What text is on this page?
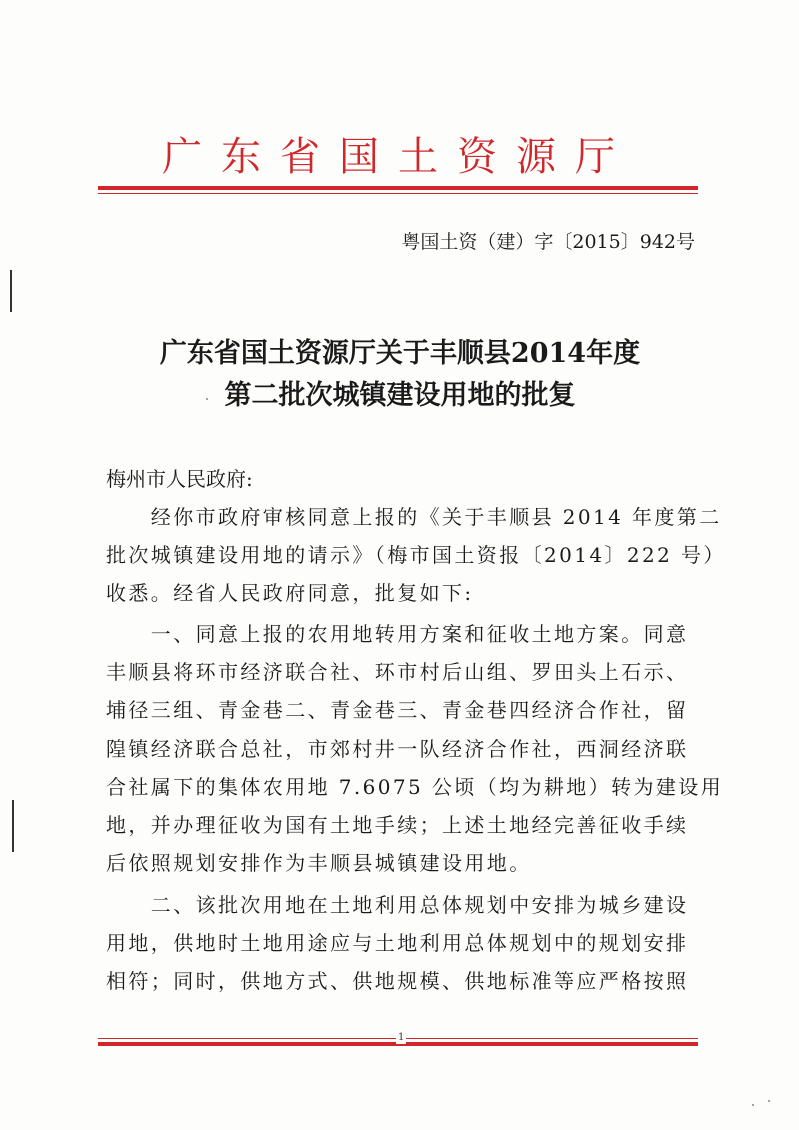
广东省国土资源厅
粤国土资（建）字〔2015〕942号
广东省国土资源厅关于丰顺县2014年度
第二批次城镇建设用地的批复
梅州市人民政府:
　　经你市政府审核同意上报的《关于丰顺县 2014 年度第二
批次城镇建设用地的请示》（梅市国土资报〔2014〕222 号）
收悉。经省人民政府同意，批复如下:
　　一、同意上报的农用地转用方案和征收土地方案。同意
丰顺县将环市经济联合社、环市村后山组、罗田头上石示、
埔径三组、青金巷二、青金巷三、青金巷四经济合作社，留
隍镇经济联合总社，市郊村井一队经济合作社，西洞经济联
合社属下的集体农用地 7.6075 公顷（均为耕地）转为建设用
地，并办理征收为国有土地手续；上述土地经完善征收手续
后依照规划安排作为丰顺县城镇建设用地。
　　二、该批次用地在土地利用总体规划中安排为城乡建设
用地，供地时土地用途应与土地利用总体规划中的规划安排
相符；同时，供地方式、供地规模、供地标准等应严格按照
1
